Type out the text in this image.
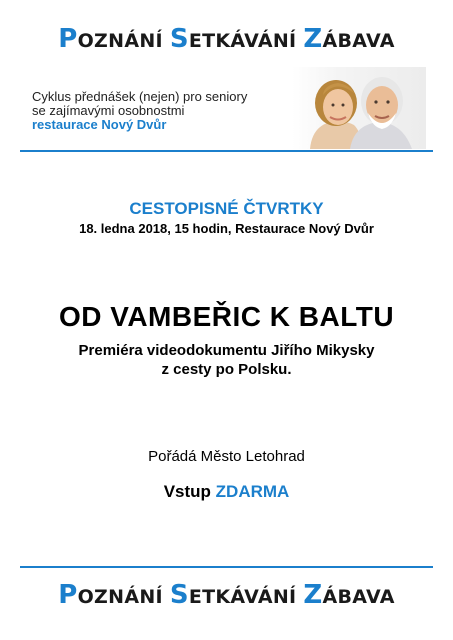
POZNÁNÍ SETKÁVÁNÍ ZÁBAVA
Cyklus přednášek (nejen) pro seniory
se zajímavými osobnostmi
restaurace Nový Dvůr
CESTOPISNÉ ČTVRTKY
18. ledna 2018, 15 hodin, Restaurace Nový Dvůr
OD VAMBEŘIC K BALTU
Premiéra videodokumentu Jiřího Mikysky
z cesty po Polsku.
Pořádá Město Letohrad
Vstup ZDARMA
POZNÁNÍ SETKÁVÁNÍ ZÁBAVA
